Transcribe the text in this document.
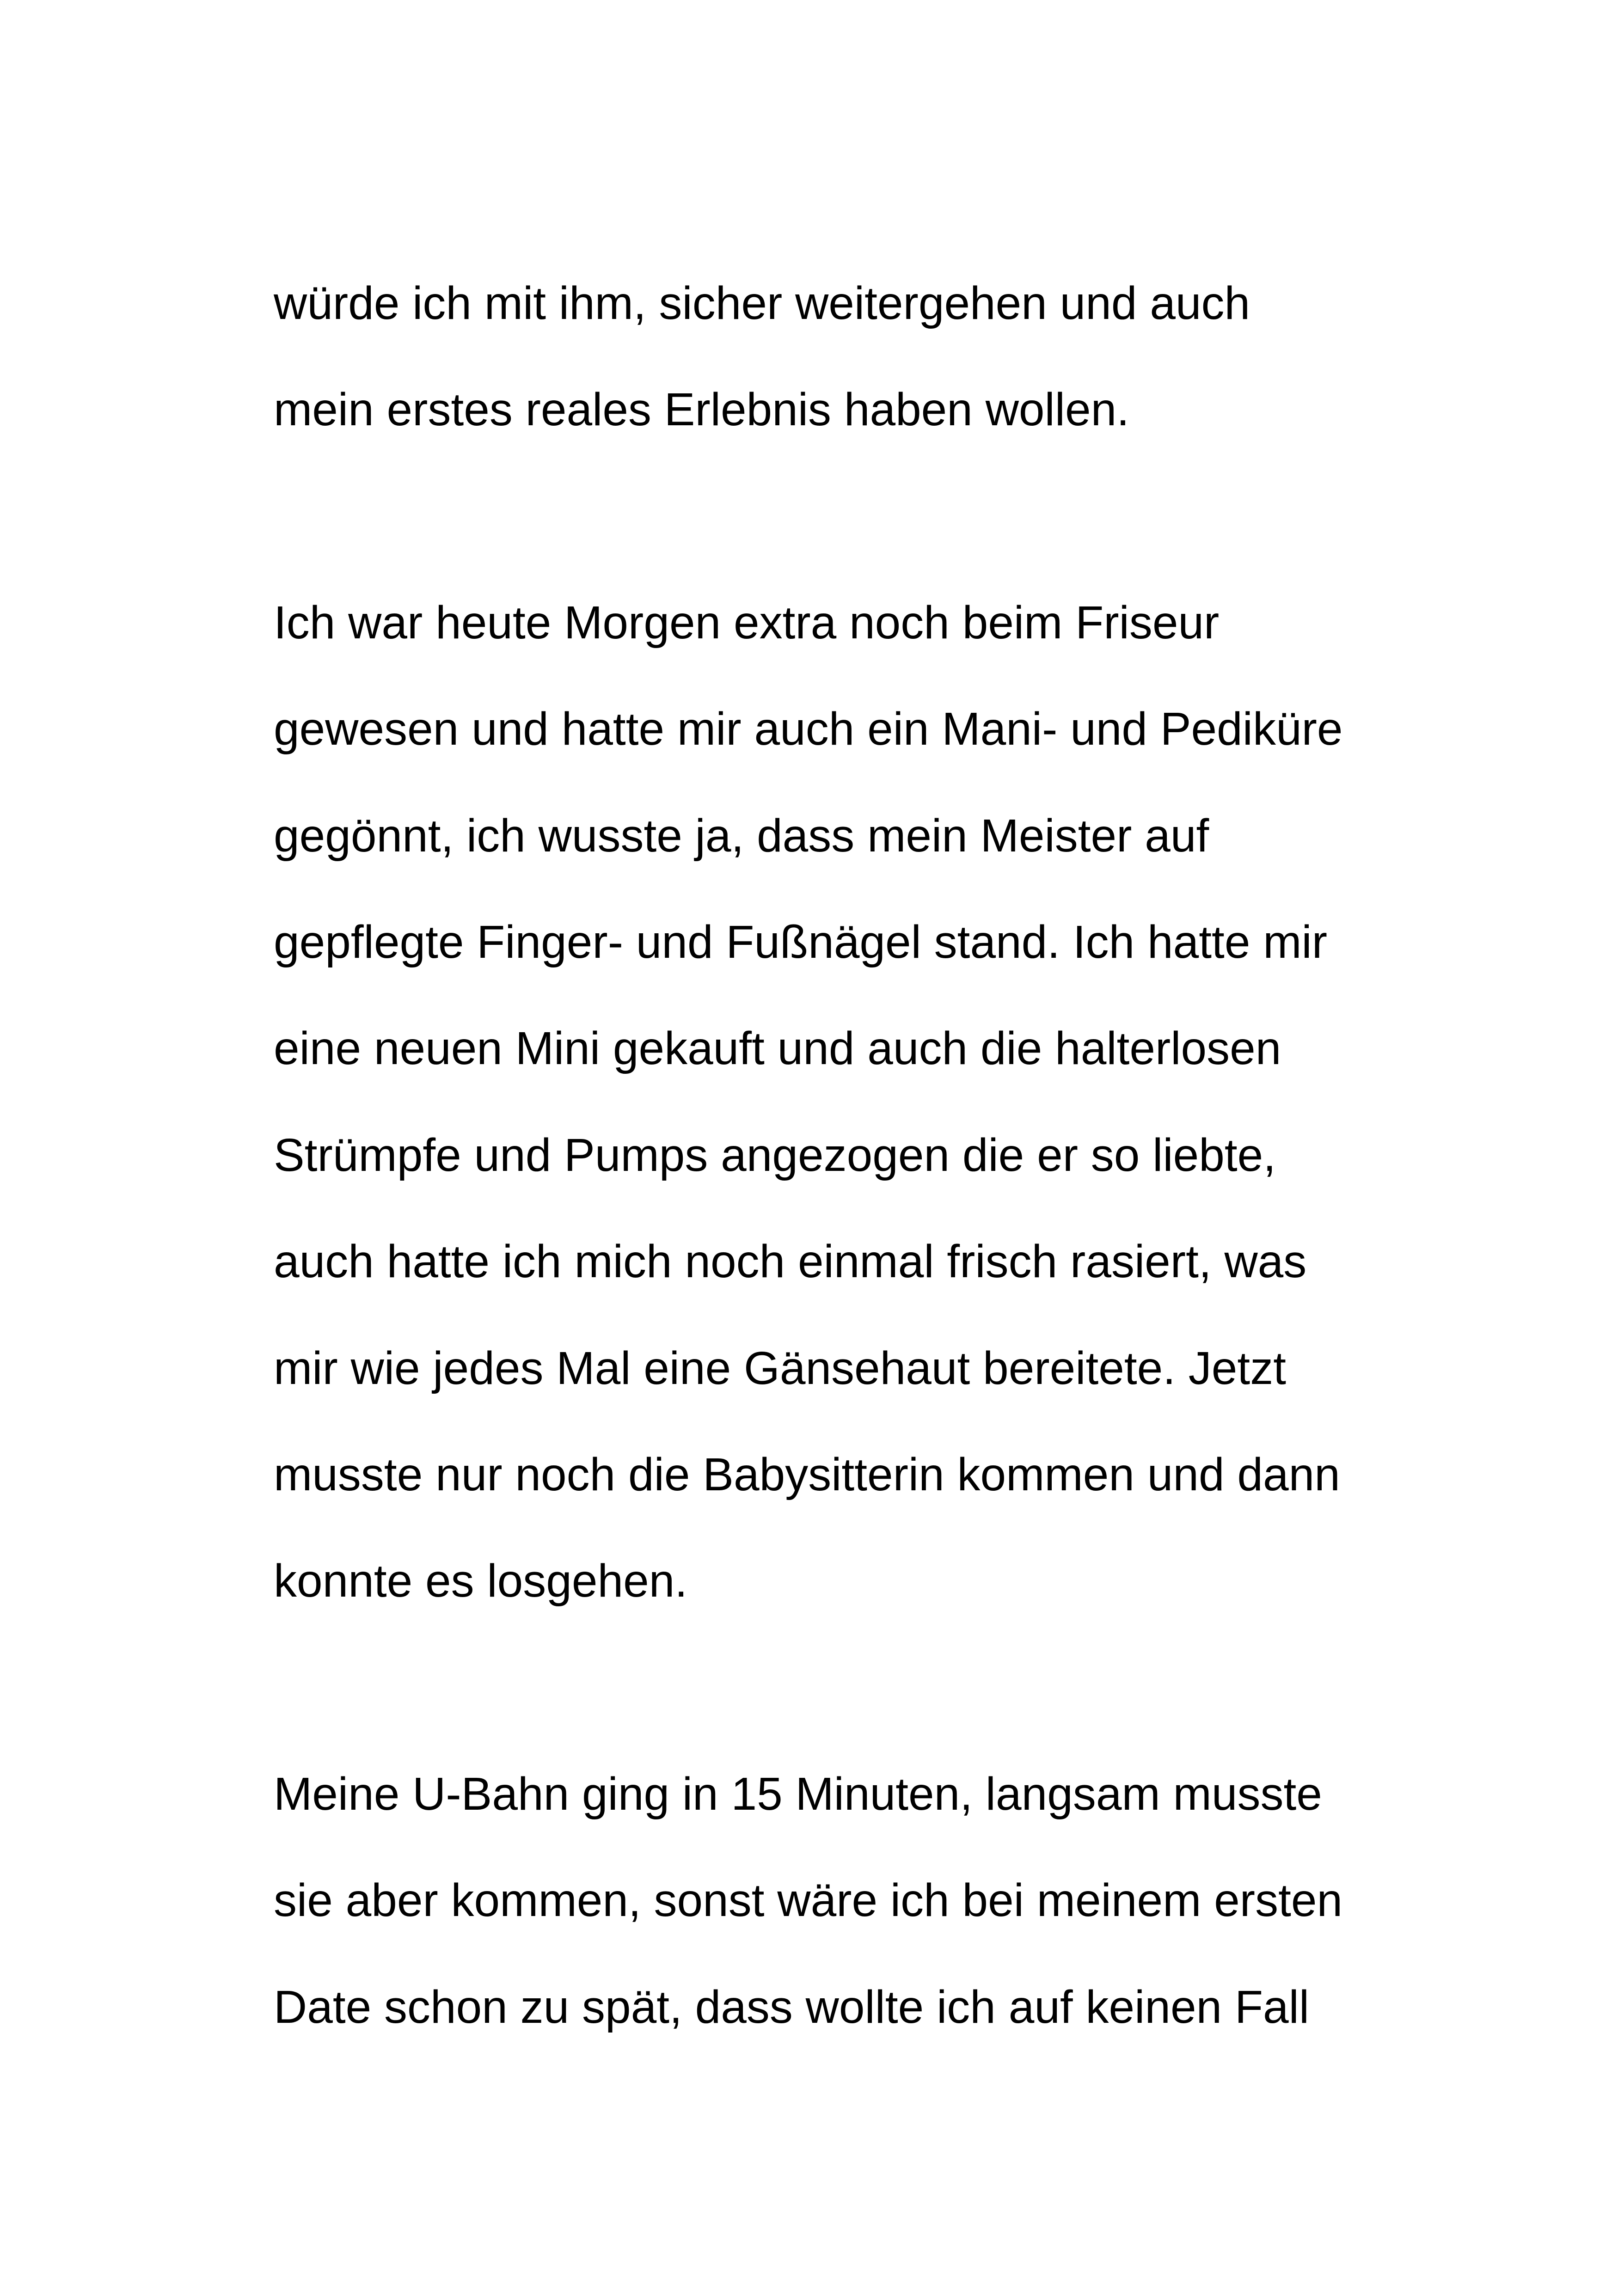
würde ich mit ihm, sicher weitergehen und auch

mein erstes reales Erlebnis haben wollen.

Ich war heute Morgen extra noch beim Friseur

gewesen und hatte mir auch ein Mani- und Pediküre

gegönnt, ich wusste ja, dass mein Meister auf

gepflegte Finger- und Fußnägel stand. Ich hatte mir

eine neuen Mini gekauft und auch die halterlosen

Strümpfe und Pumps angezogen die er so liebte,

auch hatte ich mich noch einmal frisch rasiert, was

mir wie jedes Mal eine Gänsehaut bereitete. Jetzt

musste nur noch die Babysitterin kommen und dann

konnte es losgehen.

Meine U-Bahn ging in 15 Minuten, langsam musste

sie aber kommen, sonst wäre ich bei meinem ersten

Date schon zu spät, dass wollte ich auf keinen Fall
